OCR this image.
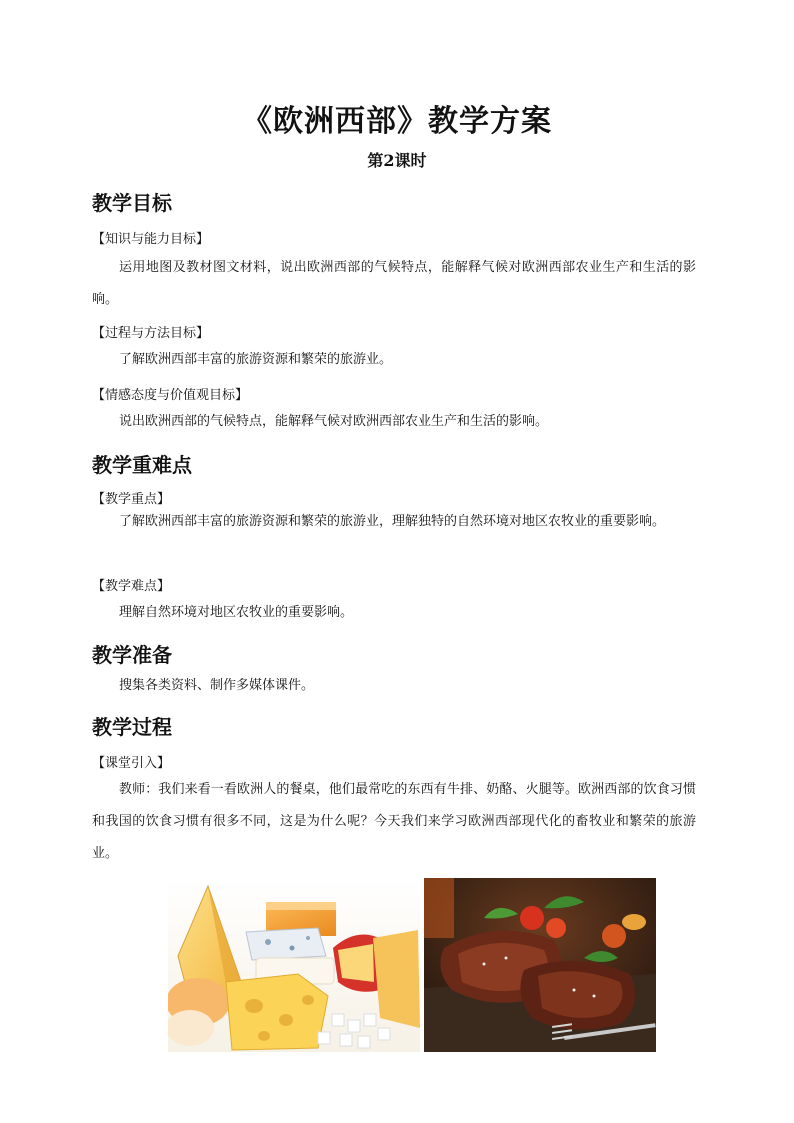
《欧洲西部》教学方案
第2课时
教学目标
【知识与能力目标】
运用地图及教材图文材料，说出欧洲西部的气候特点，能解释气候对欧洲西部农业生产和生活的影响。
【过程与方法目标】
了解欧洲西部丰富的旅游资源和繁荣的旅游业。
【情感态度与价值观目标】
说出欧洲西部的气候特点，能解释气候对欧洲西部农业生产和生活的影响。
教学重难点
【教学重点】
了解欧洲西部丰富的旅游资源和繁荣的旅游业，理解独特的自然环境对地区农牧业的重要影响。
【教学难点】
理解自然环境对地区农牧业的重要影响。
教学准备
搜集各类资料、制作多媒体课件。
教学过程
【课堂引入】
教师：我们来看一看欧洲人的餐桌，他们最常吃的东西有牛排、奶酪、火腿等。欧洲西部的饮食习惯和我国的饮食习惯有很多不同，这是为什么呢？今天我们来学习欧洲西部现代化的畜牧业和繁荣的旅游业。
